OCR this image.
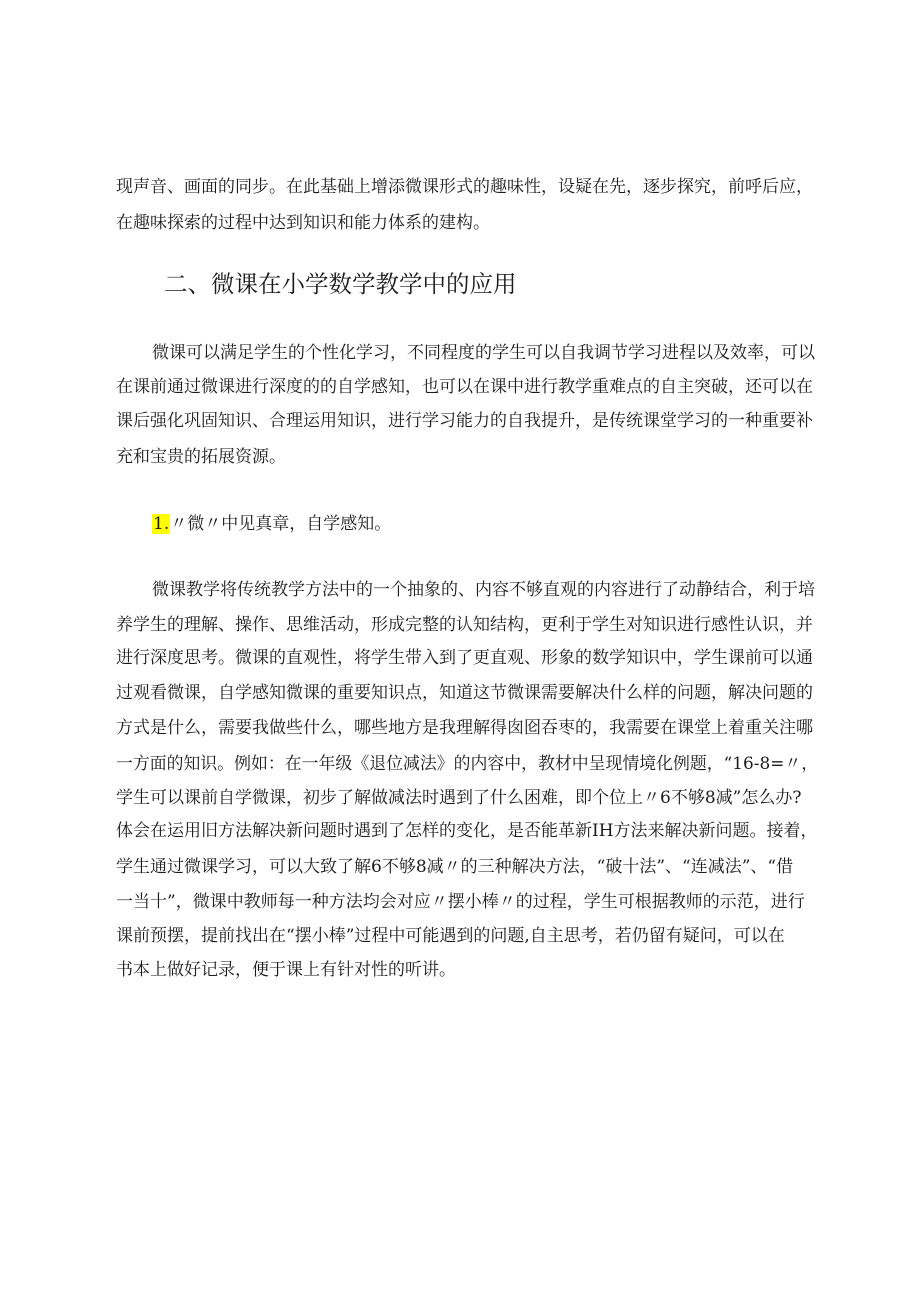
现声音、画面的同步。在此基础上增添微课形式的趣味性，设疑在先，逐步探究，前呼后应，
在趣味探索的过程中达到知识和能力体系的建构。
二、微课在小学数学教学中的应用
微课可以满足学生的个性化学习，不同程度的学生可以自我调节学习进程以及效率，可以
在课前通过微课进行深度的的自学感知，也可以在课中进行教学重难点的自主突破，还可以在
课后强化巩固知识、合理运用知识，进行学习能力的自我提升，是传统课堂学习的一种重要补
充和宝贵的拓展资源。
1.〃微〃中见真章，自学感知。
微课教学将传统教学方法中的一个抽象的、内容不够直观的内容进行了动静结合，利于培
养学生的理解、操作、思维活动，形成完整的认知结构，更利于学生对知识进行感性认识，并
进行深度思考。微课的直观性，将学生带入到了更直观、形象的数学知识中，学生课前可以通
过观看微课，自学感知微课的重要知识点，知道这节微课需要解决什么样的问题，解决问题的
方式是什么，需要我做些什么，哪些地方是我理解得囱囵吞枣的，我需要在课堂上着重关注哪
一方面的知识。例如：在一年级《退位减法》的内容中，教材中呈现情境化例题，“16-8=〃，
学生可以课前自学微课，初步了解做减法时遇到了什么困难，即个位上〃6不够8减”怎么办?
体会在运用旧方法解决新问题时遇到了怎样的变化，是否能革新IH方法来解决新问题。接着，
学生通过微课学习，可以大致了解6不够8减〃的三种解决方法，“破十法”、“连减法”、“借
一当十”，微课中教师每一种方法均会对应〃摆小棒〃的过程，学生可根据教师的示范，进行
课前预摆，提前找出在“摆小棒”过程中可能遇到的问题,自主思考，若仍留有疑问，可以在
书本上做好记录，便于课上有针对性的听讲。
